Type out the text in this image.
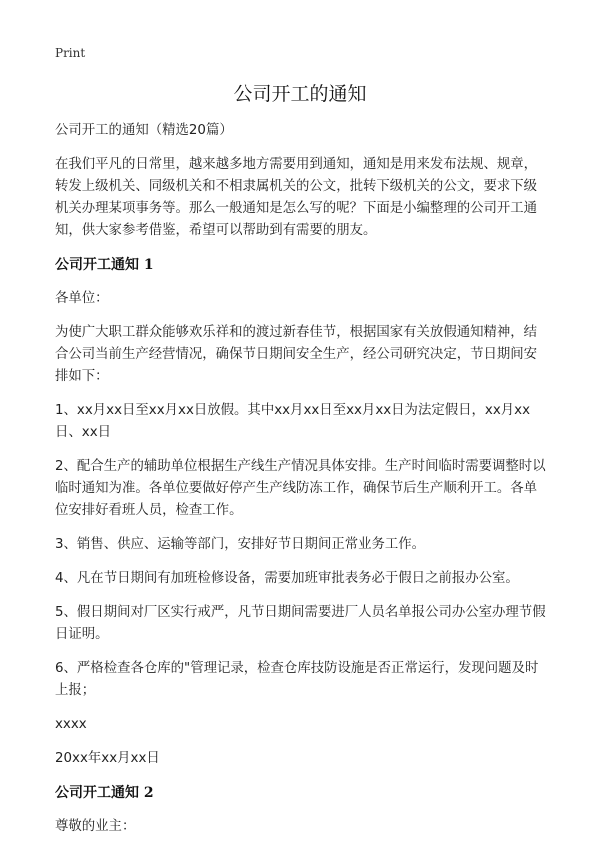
Print
公司开工的通知

公司开工的通知（精选20篇）

在我们平凡的日常里，越来越多地方需要用到通知，通知是用来发布法规、规章，转发上级机关、同级机关和不相隶属机关的公文，批转下级机关的公文，要求下级机关办理某项事务等。那么一般通知是怎么写的呢？下面是小编整理的公司开工通知，供大家参考借鉴，希望可以帮助到有需要的朋友。

公司开工通知 1

各单位：

为使广大职工群众能够欢乐祥和的渡过新春佳节，根据国家有关放假通知精神，结合公司当前生产经营情况，确保节日期间安全生产，经公司研究决定，节日期间安排如下：

1、xx月xx日至xx月xx日放假。其中xx月xx日至xx月xx日为法定假日，xx月xx日、xx日

2、配合生产的辅助单位根据生产线生产情况具体安排。生产时间临时需要调整时以临时通知为准。各单位要做好停产生产线防冻工作，确保节后生产顺利开工。各单位安排好看班人员，检查工作。

3、销售、供应、运输等部门，安排好节日期间正常业务工作。

4、凡在节日期间有加班检修设备，需要加班审批表务必于假日之前报办公室。

5、假日期间对厂区实行戒严，凡节日期间需要进厂人员名单报公司办公室办理节假日证明。

6、严格检查各仓库的"管理记录，检查仓库技防设施是否正常运行，发现问题及时上报；

xxxx

20xx年xx月xx日

公司开工通知 2

尊敬的业主：
